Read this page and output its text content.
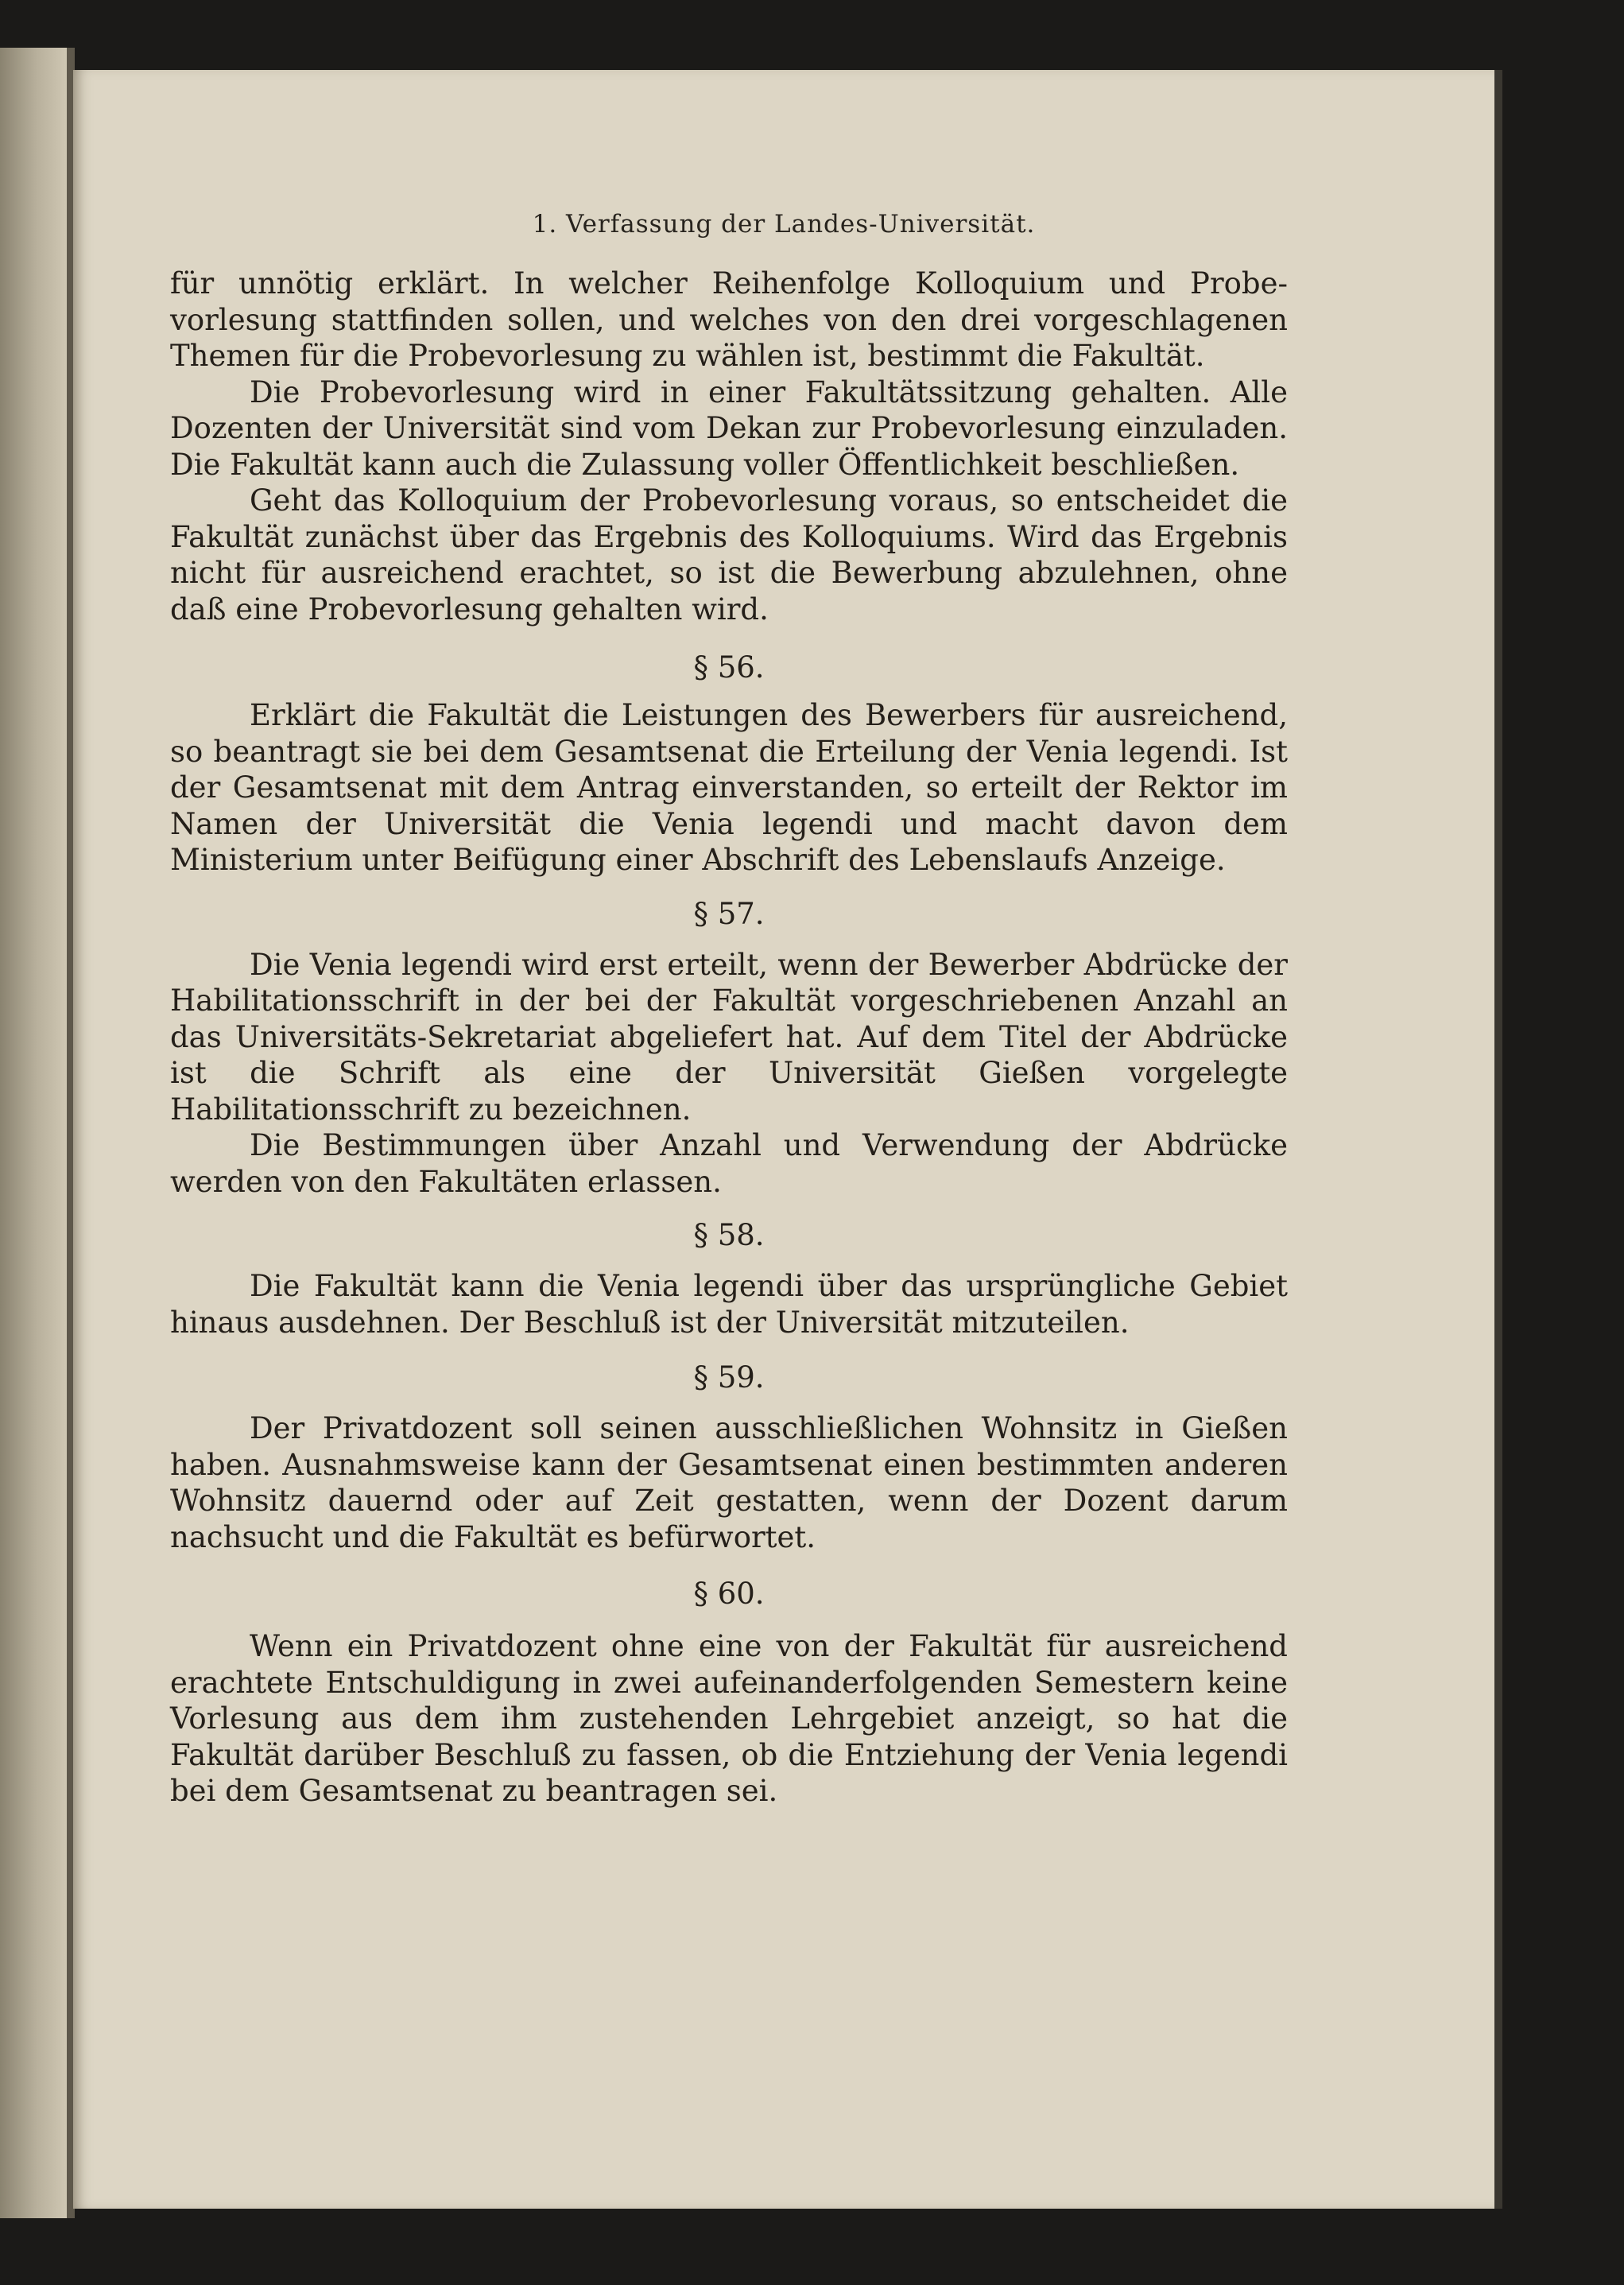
1. Verfassung der Landes-Universität.

für unnötig erklärt. In welcher Reihenfolge Kolloquium und Probe-vorlesung stattfinden sollen, und welches von den drei vorgeschlagenen Themen für die Probevorlesung zu wählen ist, bestimmt die Fakultät.

Die Probevorlesung wird in einer Fakultätssitzung gehalten. Alle Dozenten der Universität sind vom Dekan zur Probevorlesung einzuladen. Die Fakultät kann auch die Zulassung voller Öffentlichkeit beschließen.

Geht das Kolloquium der Probevorlesung voraus, so entscheidet die Fakultät zunächst über das Ergebnis des Kolloquiums. Wird das Ergebnis nicht für ausreichend erachtet, so ist die Bewerbung abzulehnen, ohne daß eine Probevorlesung gehalten wird.

§ 56.

Erklärt die Fakultät die Leistungen des Bewerbers für ausreichend, so beantragt sie bei dem Gesamtsenat die Erteilung der Venia legendi. Ist der Gesamtsenat mit dem Antrag einverstanden, so erteilt der Rektor im Namen der Universität die Venia legendi und macht davon dem Ministerium unter Beifügung einer Abschrift des Lebenslaufs Anzeige.

§ 57.

Die Venia legendi wird erst erteilt, wenn der Bewerber Abdrücke der Habilitationsschrift in der bei der Fakultät vorgeschriebenen Anzahl an das Universitäts-Sekretariat abgeliefert hat. Auf dem Titel der Abdrücke ist die Schrift als eine der Universität Gießen vorgelegte Habilitationsschrift zu bezeichnen.

Die Bestimmungen über Anzahl und Verwendung der Abdrücke werden von den Fakultäten erlassen.

§ 58.

Die Fakultät kann die Venia legendi über das ursprüngliche Gebiet hinaus ausdehnen. Der Beschluß ist der Universität mitzuteilen.

§ 59.

Der Privatdozent soll seinen ausschließlichen Wohnsitz in Gießen haben. Ausnahmsweise kann der Gesamtsenat einen bestimmten anderen Wohnsitz dauernd oder auf Zeit gestatten, wenn der Dozent darum nachsucht und die Fakultät es befürwortet.

§ 60.

Wenn ein Privatdozent ohne eine von der Fakultät für ausreichend erachtete Entschuldigung in zwei aufeinanderfolgenden Semestern keine Vorlesung aus dem ihm zustehenden Lehrgebiet anzeigt, so hat die Fakultät darüber Beschluß zu fassen, ob die Entziehung der Venia legendi bei dem Gesamtsenat zu beantragen sei.
